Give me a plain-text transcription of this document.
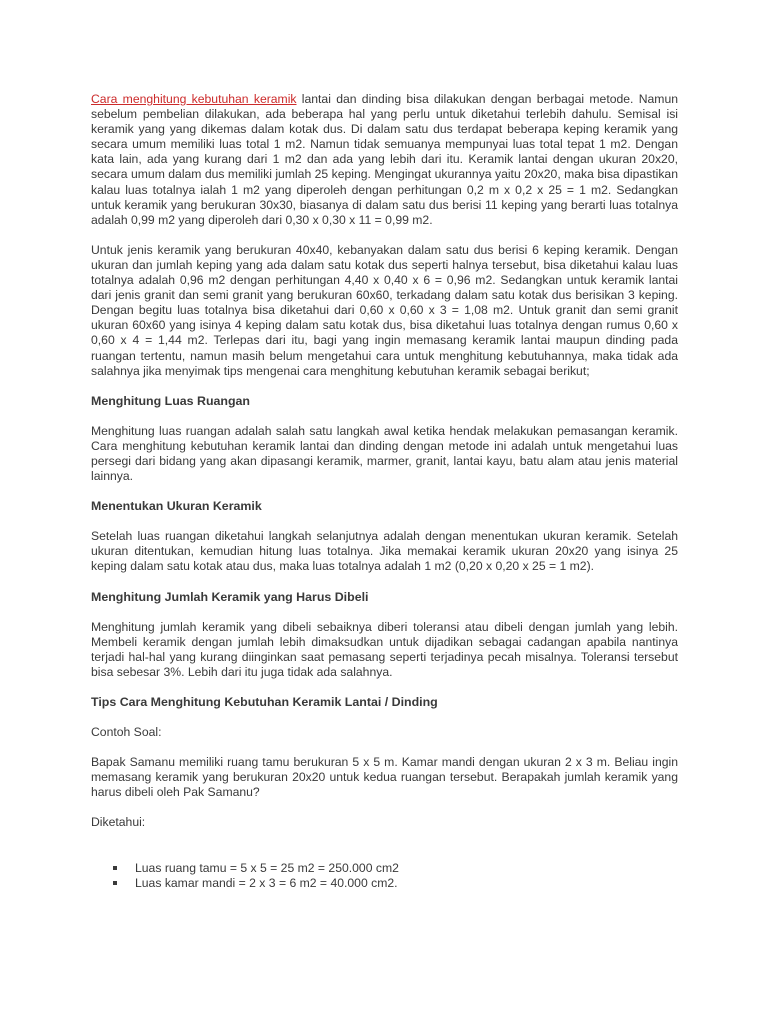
Cara menghitung kebutuhan keramik lantai dan dinding bisa dilakukan dengan berbagai metode. Namun sebelum pembelian dilakukan, ada beberapa hal yang perlu untuk diketahui terlebih dahulu. Semisal isi keramik yang yang dikemas dalam kotak dus. Di dalam satu dus terdapat beberapa keping keramik yang secara umum memiliki luas total 1 m2. Namun tidak semuanya mempunyai luas total tepat 1 m2. Dengan kata lain, ada yang kurang dari 1 m2 dan ada yang lebih dari itu. Keramik lantai dengan ukuran 20x20, secara umum dalam dus memiliki jumlah 25 keping. Mengingat ukurannya yaitu 20x20, maka bisa dipastikan kalau luas totalnya ialah 1 m2 yang diperoleh dengan perhitungan 0,2 m x 0,2 x 25 = 1 m2. Sedangkan untuk keramik yang berukuran 30x30, biasanya di dalam satu dus berisi 11 keping yang berarti luas totalnya adalah 0,99 m2 yang diperoleh dari 0,30 x 0,30 x 11 = 0,99 m2.

Untuk jenis keramik yang berukuran 40x40, kebanyakan dalam satu dus berisi 6 keping keramik. Dengan ukuran dan jumlah keping yang ada dalam satu kotak dus seperti halnya tersebut, bisa diketahui kalau luas totalnya adalah 0,96 m2 dengan perhitungan 4,40 x 0,40 x 6 = 0,96 m2. Sedangkan untuk keramik lantai dari jenis granit dan semi granit yang berukuran 60x60, terkadang dalam satu kotak dus berisikan 3 keping. Dengan begitu luas totalnya bisa diketahui dari 0,60 x 0,60 x 3 = 1,08 m2. Untuk granit dan semi granit ukuran 60x60 yang isinya 4 keping dalam satu kotak dus, bisa diketahui luas totalnya dengan rumus 0,60 x 0,60 x 4 = 1,44 m2. Terlepas dari itu, bagi yang ingin memasang keramik lantai maupun dinding pada ruangan tertentu, namun masih belum mengetahui cara untuk menghitung kebutuhannya, maka tidak ada salahnya jika menyimak tips mengenai cara menghitung kebutuhan keramik sebagai berikut;

Menghitung Luas Ruangan

Menghitung luas ruangan adalah salah satu langkah awal ketika hendak melakukan pemasangan keramik. Cara menghitung kebutuhan keramik lantai dan dinding dengan metode ini adalah untuk mengetahui luas persegi dari bidang yang akan dipasangi keramik, marmer, granit, lantai kayu, batu alam atau jenis material lainnya.

Menentukan Ukuran Keramik

Setelah luas ruangan diketahui langkah selanjutnya adalah dengan menentukan ukuran keramik. Setelah ukuran ditentukan, kemudian hitung luas totalnya. Jika memakai keramik ukuran 20x20 yang isinya 25 keping dalam satu kotak atau dus, maka luas totalnya adalah 1 m2 (0,20 x 0,20 x 25 = 1 m2).

Menghitung Jumlah Keramik yang Harus Dibeli

Menghitung jumlah keramik yang dibeli sebaiknya diberi toleransi atau dibeli dengan jumlah yang lebih. Membeli keramik dengan jumlah lebih dimaksudkan untuk dijadikan sebagai cadangan apabila nantinya terjadi hal-hal yang kurang diinginkan saat pemasang seperti terjadinya pecah misalnya. Toleransi tersebut bisa sebesar 3%. Lebih dari itu juga tidak ada salahnya.

Tips Cara Menghitung Kebutuhan Keramik Lantai / Dinding

Contoh Soal:

Bapak Samanu memiliki ruang tamu berukuran 5 x 5 m. Kamar mandi dengan ukuran 2 x 3 m. Beliau ingin memasang keramik yang berukuran 20x20 untuk kedua ruangan tersebut. Berapakah jumlah keramik yang harus dibeli oleh Pak Samanu?

Diketahui:

Luas ruang tamu = 5 x 5 = 25 m2 = 250.000 cm2
Luas kamar mandi = 2 x 3 = 6 m2 = 40.000 cm2.
